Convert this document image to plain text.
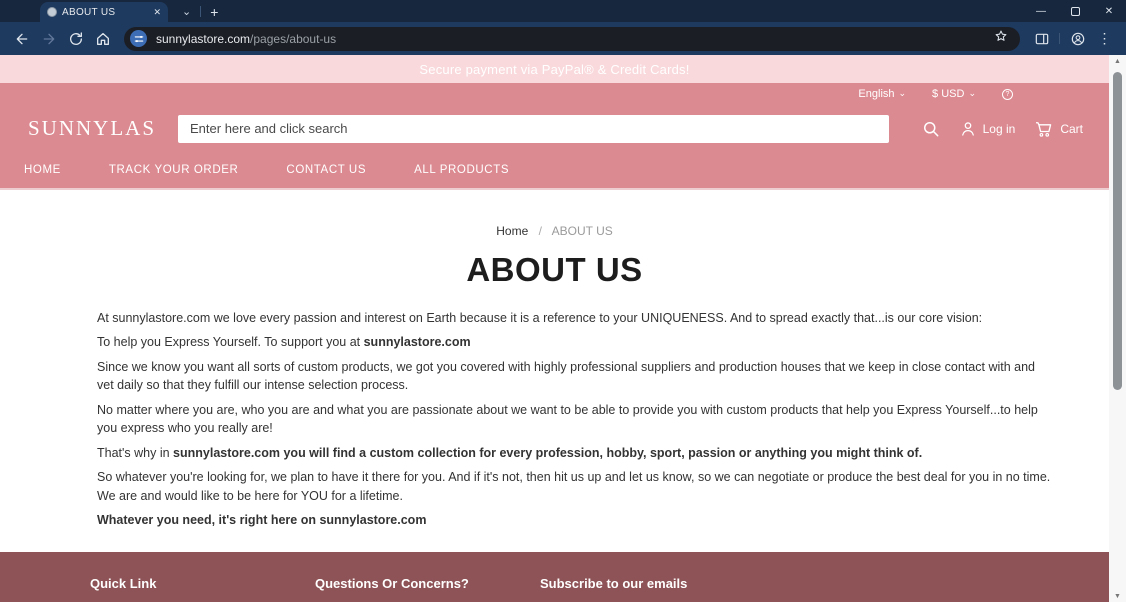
ABOUT US	✕ ⌄ +	—	✕
sunnylastore.com/pages/about-us	⋮
Secure payment via PayPal® & Credit Cards!
English ⌄ $ USD ⌄	?
SUNNYLAS
Enter here and click search	Log in	Cart
HOME	TRACK YOUR ORDER	CONTACT US	ALL PRODUCTS
Home / ABOUT US
ABOUT US

At sunnylastore.com we love every passion and interest on Earth because it is a reference to your UNIQUENESS. And to spread exactly that...is our core vision:

To help you Express Yourself. To support you at sunnylastore.com

Since we know you want all sorts of custom products, we got you covered with highly professional suppliers and production houses that we keep in close contact with and vet daily so that they fulfill our intense selection process.

No matter where you are, who you are and what you are passionate about we want to be able to provide you with custom products that help you Express Yourself...to help you express who you really are!

That's why in sunnylastore.com you will find a custom collection for every profession, hobby, sport, passion or anything you might think of.

So whatever you're looking for, we plan to have it there for you. And if it's not, then hit us up and let us know, so we can negotiate or produce the best deal for you in no time. We are and would like to be here for YOU for a lifetime.

Whatever you need, it's right here on sunnylastore.com

Quick Link	Questions Or Concerns?	Subscribe to our emails
▲
▼
